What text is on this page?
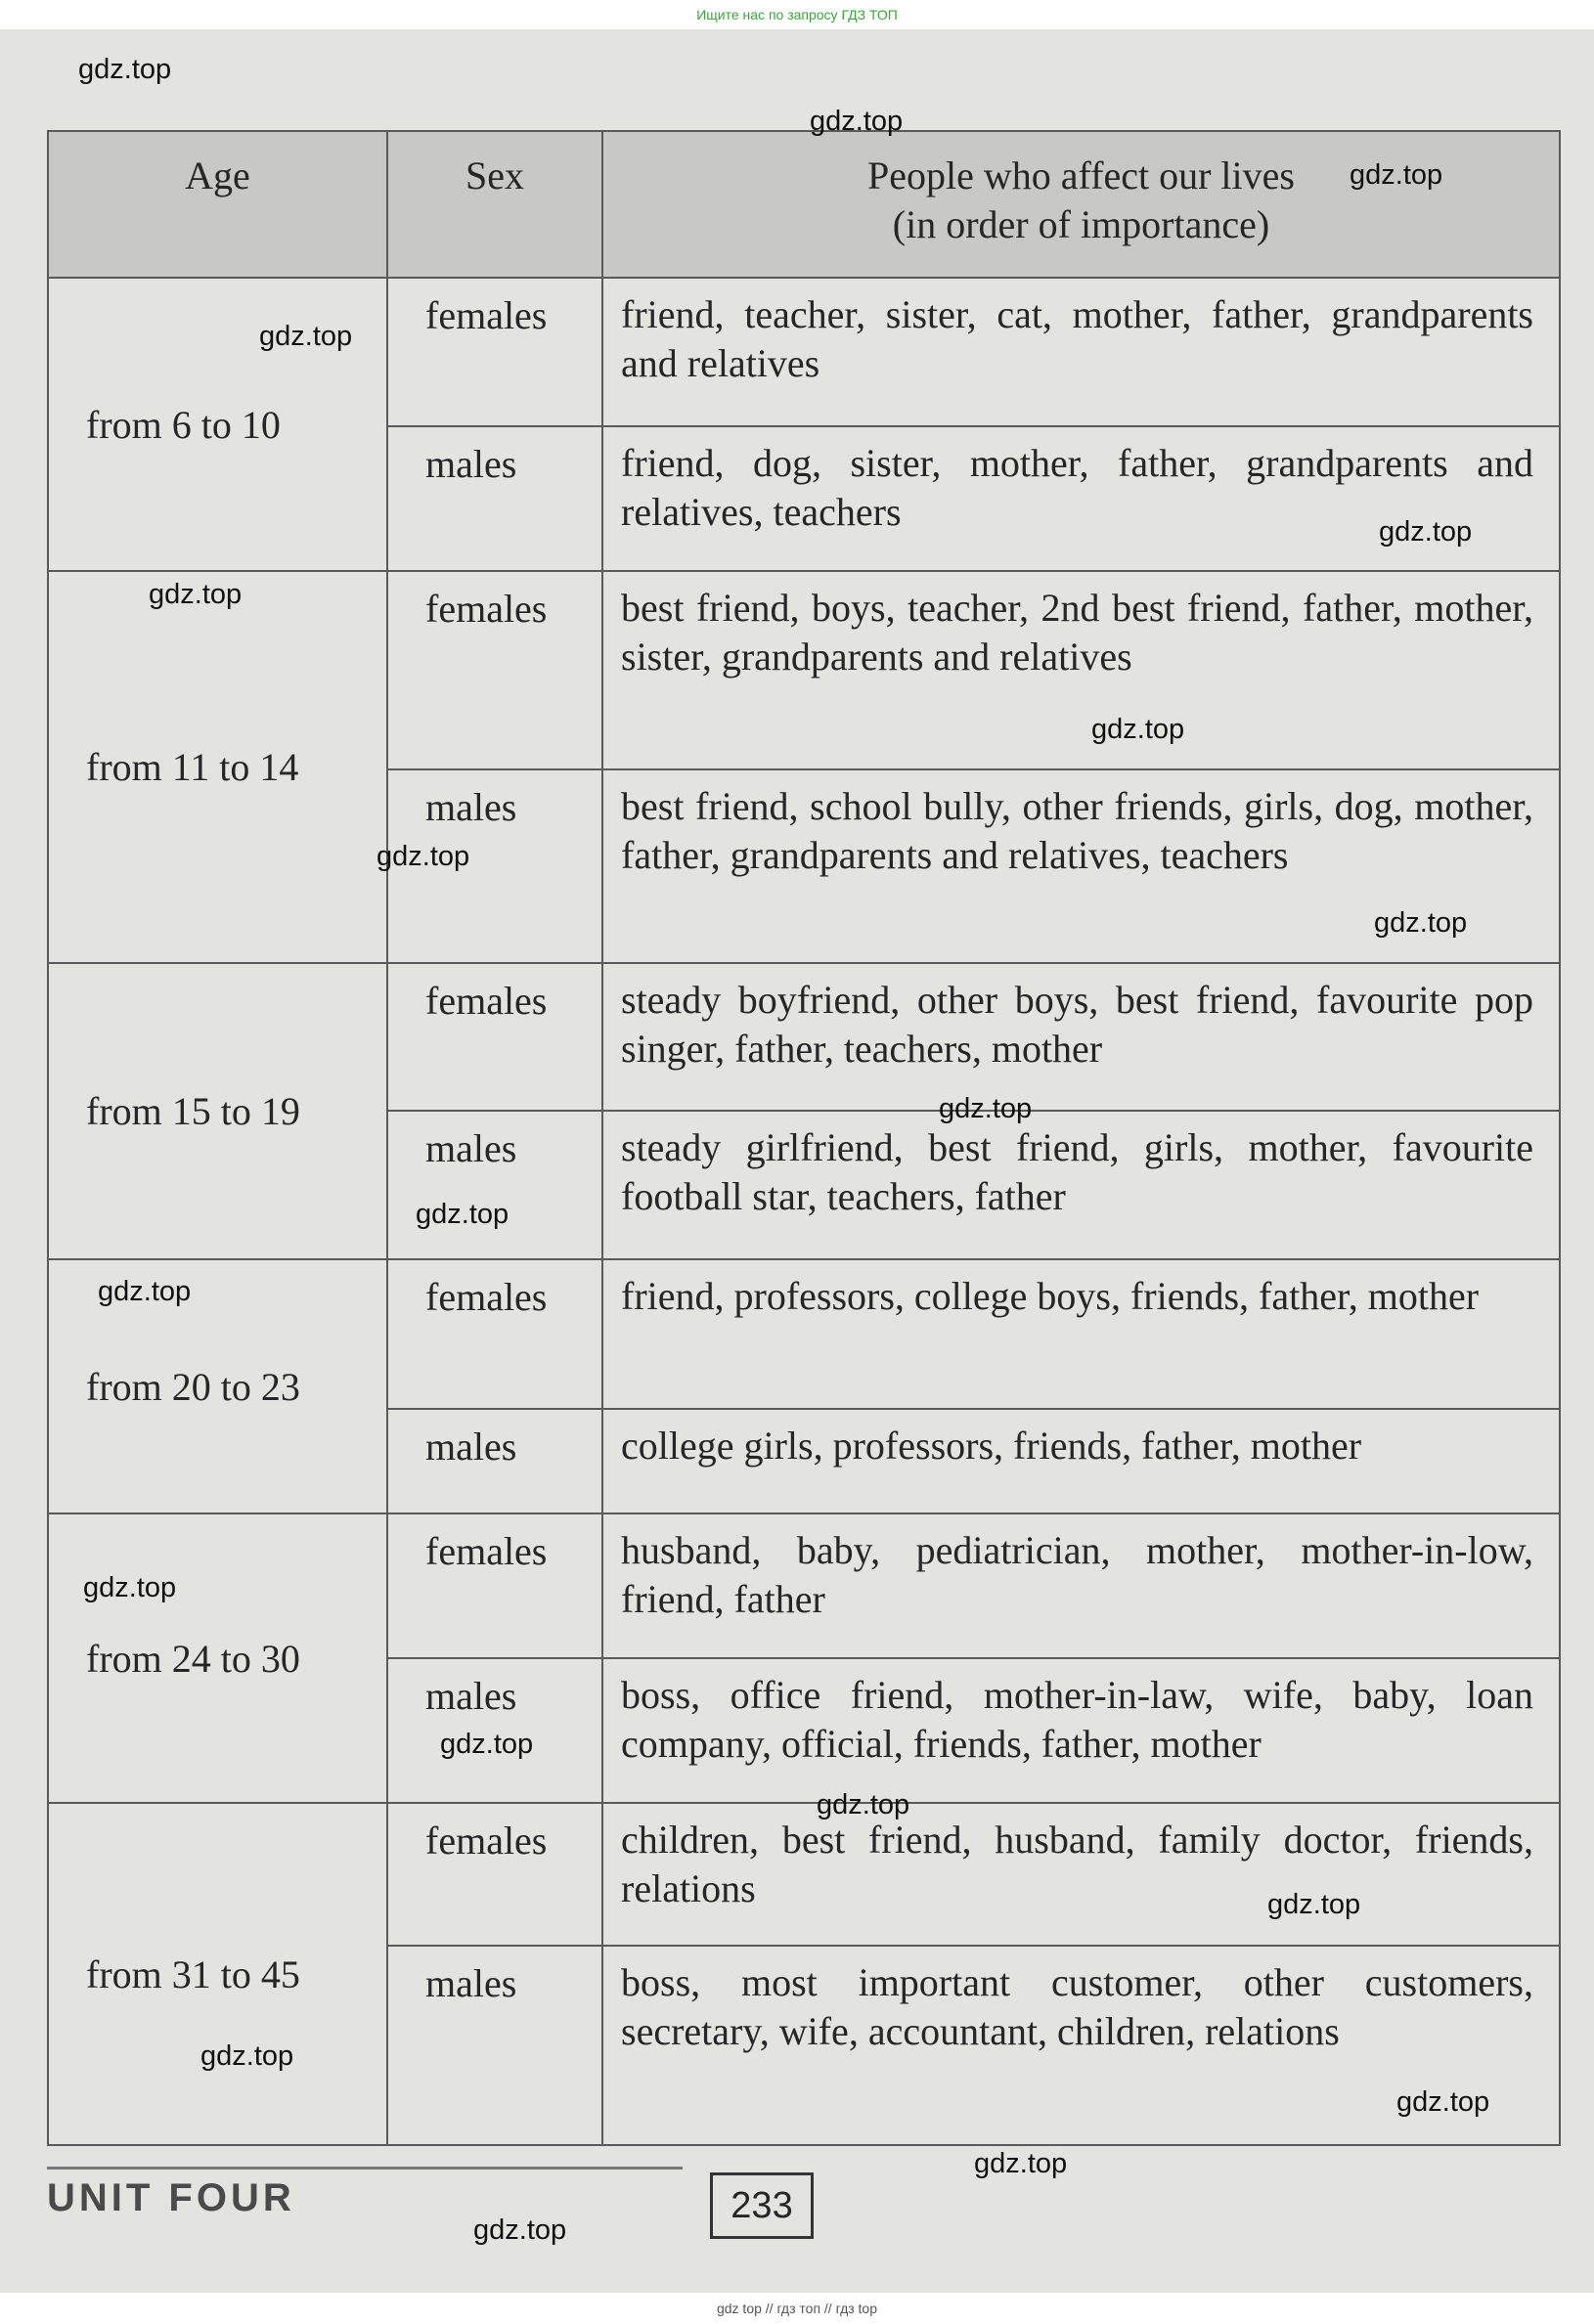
Ищите нас по запросу ГДЗ ТОП
Age	Sex	People who affect our lives
(in order of importance)

from 6 to 10	females	friend, teacher, sister, cat, mother, father, grandparents and relatives
	males	friend, dog, sister, mother, father, grandparents and relatives, teachers
from 11 to 14	females	best friend, boys, teacher, 2nd best friend, father, mother, sister, grandparents and relatives
	males	best friend, school bully, other friends, girls, dog, mother, father, grandparents and relatives, teachers
from 15 to 19	females	steady boyfriend, other boys, best friend, favourite pop singer, father, teachers, mother
	males	steady girlfriend, best friend, girls, mother, favourite football star, teachers, father
from 20 to 23	females	friend, professors, college boys, friends, father, mother
	males	college girls, professors, friends, father, mother
from 24 to 30	females	husband, baby, pediatrician, mother, mother-in-low, friend, father
	males	boss, office friend, mother-in-law, wife, baby, loan company, official, friends, father, mother
from 31 to 45	females	children, best friend, husband, family doctor, friends, relations
	males	boss, most important customer, other customers, secretary, wife, accountant, children, relations
UNIT FOUR	233
gdz.top
gdz.top
gdz.top
gdz.top
gdz.top
gdz.top
gdz.top
gdz.top
gdz.top
gdz.top
gdz.top
gdz.top
gdz.top
gdz.top
gdz.top
gdz.top
gdz.top
gdz.top
gdz.top
gdz.top
gdz top // гдз топ // гдз top
